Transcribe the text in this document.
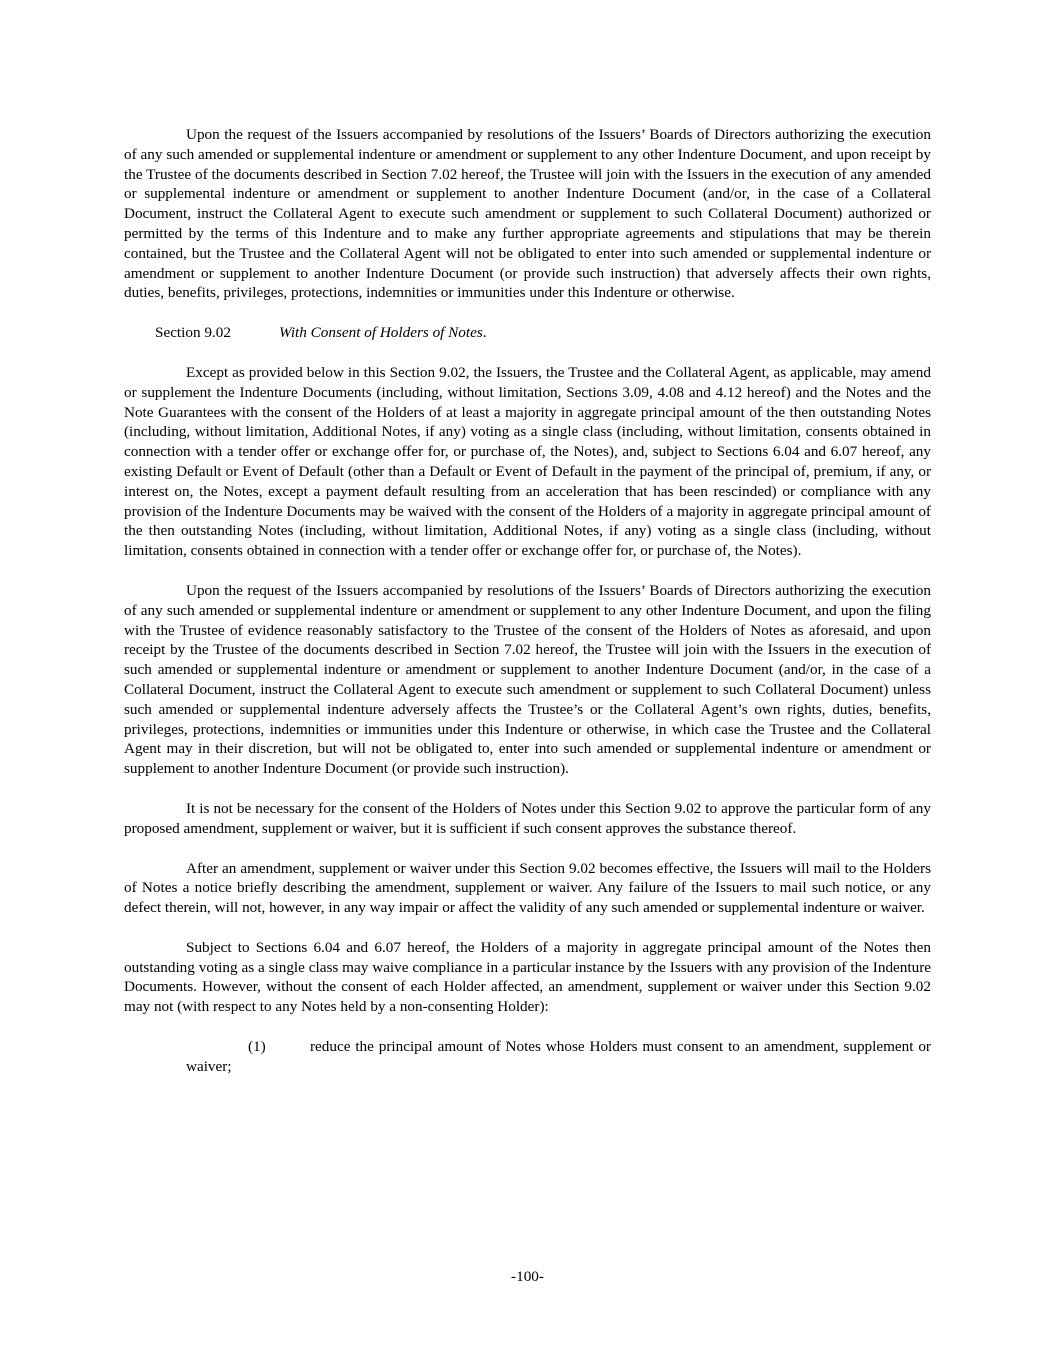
Upon the request of the Issuers accompanied by resolutions of the Issuers’ Boards of Directors authorizing the execution of any such amended or supplemental indenture or amendment or supplement to any other Indenture Document, and upon receipt by the Trustee of the documents described in Section 7.02 hereof, the Trustee will join with the Issuers in the execution of any amended or supplemental indenture or amendment or supplement to another Indenture Document (and/or, in the case of a Collateral Document, instruct the Collateral Agent to execute such amendment or supplement to such Collateral Document) authorized or permitted by the terms of this Indenture and to make any further appropriate agreements and stipulations that may be therein contained, but the Trustee and the Collateral Agent will not be obligated to enter into such amended or supplemental indenture or amendment or supplement to another Indenture Document (or provide such instruction) that adversely affects their own rights, duties, benefits, privileges, protections, indemnities or immunities under this Indenture or otherwise.

Section 9.02	With Consent of Holders of Notes.

Except as provided below in this Section 9.02, the Issuers, the Trustee and the Collateral Agent, as applicable, may amend or supplement the Indenture Documents (including, without limitation, Sections 3.09, 4.08 and 4.12 hereof) and the Notes and the Note Guarantees with the consent of the Holders of at least a majority in aggregate principal amount of the then outstanding Notes (including, without limitation, Additional Notes, if any) voting as a single class (including, without limitation, consents obtained in connection with a tender offer or exchange offer for, or purchase of, the Notes), and, subject to Sections 6.04 and 6.07 hereof, any existing Default or Event of Default (other than a Default or Event of Default in the payment of the principal of, premium, if any, or interest on, the Notes, except a payment default resulting from an acceleration that has been rescinded) or compliance with any provision of the Indenture Documents may be waived with the consent of the Holders of a majority in aggregate principal amount of the then outstanding Notes (including, without limitation, Additional Notes, if any) voting as a single class (including, without limitation, consents obtained in connection with a tender offer or exchange offer for, or purchase of, the Notes).

Upon the request of the Issuers accompanied by resolutions of the Issuers’ Boards of Directors authorizing the execution of any such amended or supplemental indenture or amendment or supplement to any other Indenture Document, and upon the filing with the Trustee of evidence reasonably satisfactory to the Trustee of the consent of the Holders of Notes as aforesaid, and upon receipt by the Trustee of the documents described in Section 7.02 hereof, the Trustee will join with the Issuers in the execution of such amended or supplemental indenture or amendment or supplement to another Indenture Document (and/or, in the case of a Collateral Document, instruct the Collateral Agent to execute such amendment or supplement to such Collateral Document) unless such amended or supplemental indenture adversely affects the Trustee’s or the Collateral Agent’s own rights, duties, benefits, privileges, protections, indemnities or immunities under this Indenture or otherwise, in which case the Trustee and the Collateral Agent may in their discretion, but will not be obligated to, enter into such amended or supplemental indenture or amendment or supplement to another Indenture Document (or provide such instruction).

It is not be necessary for the consent of the Holders of Notes under this Section 9.02 to approve the particular form of any proposed amendment, supplement or waiver, but it is sufficient if such consent approves the substance thereof.

After an amendment, supplement or waiver under this Section 9.02 becomes effective, the Issuers will mail to the Holders of Notes a notice briefly describing the amendment, supplement or waiver. Any failure of the Issuers to mail such notice, or any defect therein, will not, however, in any way impair or affect the validity of any such amended or supplemental indenture or waiver.

Subject to Sections 6.04 and 6.07 hereof, the Holders of a majority in aggregate principal amount of the Notes then outstanding voting as a single class may waive compliance in a particular instance by the Issuers with any provision of the Indenture Documents. However, without the consent of each Holder affected, an amendment, supplement or waiver under this Section 9.02 may not (with respect to any Notes held by a non-consenting Holder):

(1)	reduce the principal amount of Notes whose Holders must consent to an amendment, supplement or waiver;

-100-
